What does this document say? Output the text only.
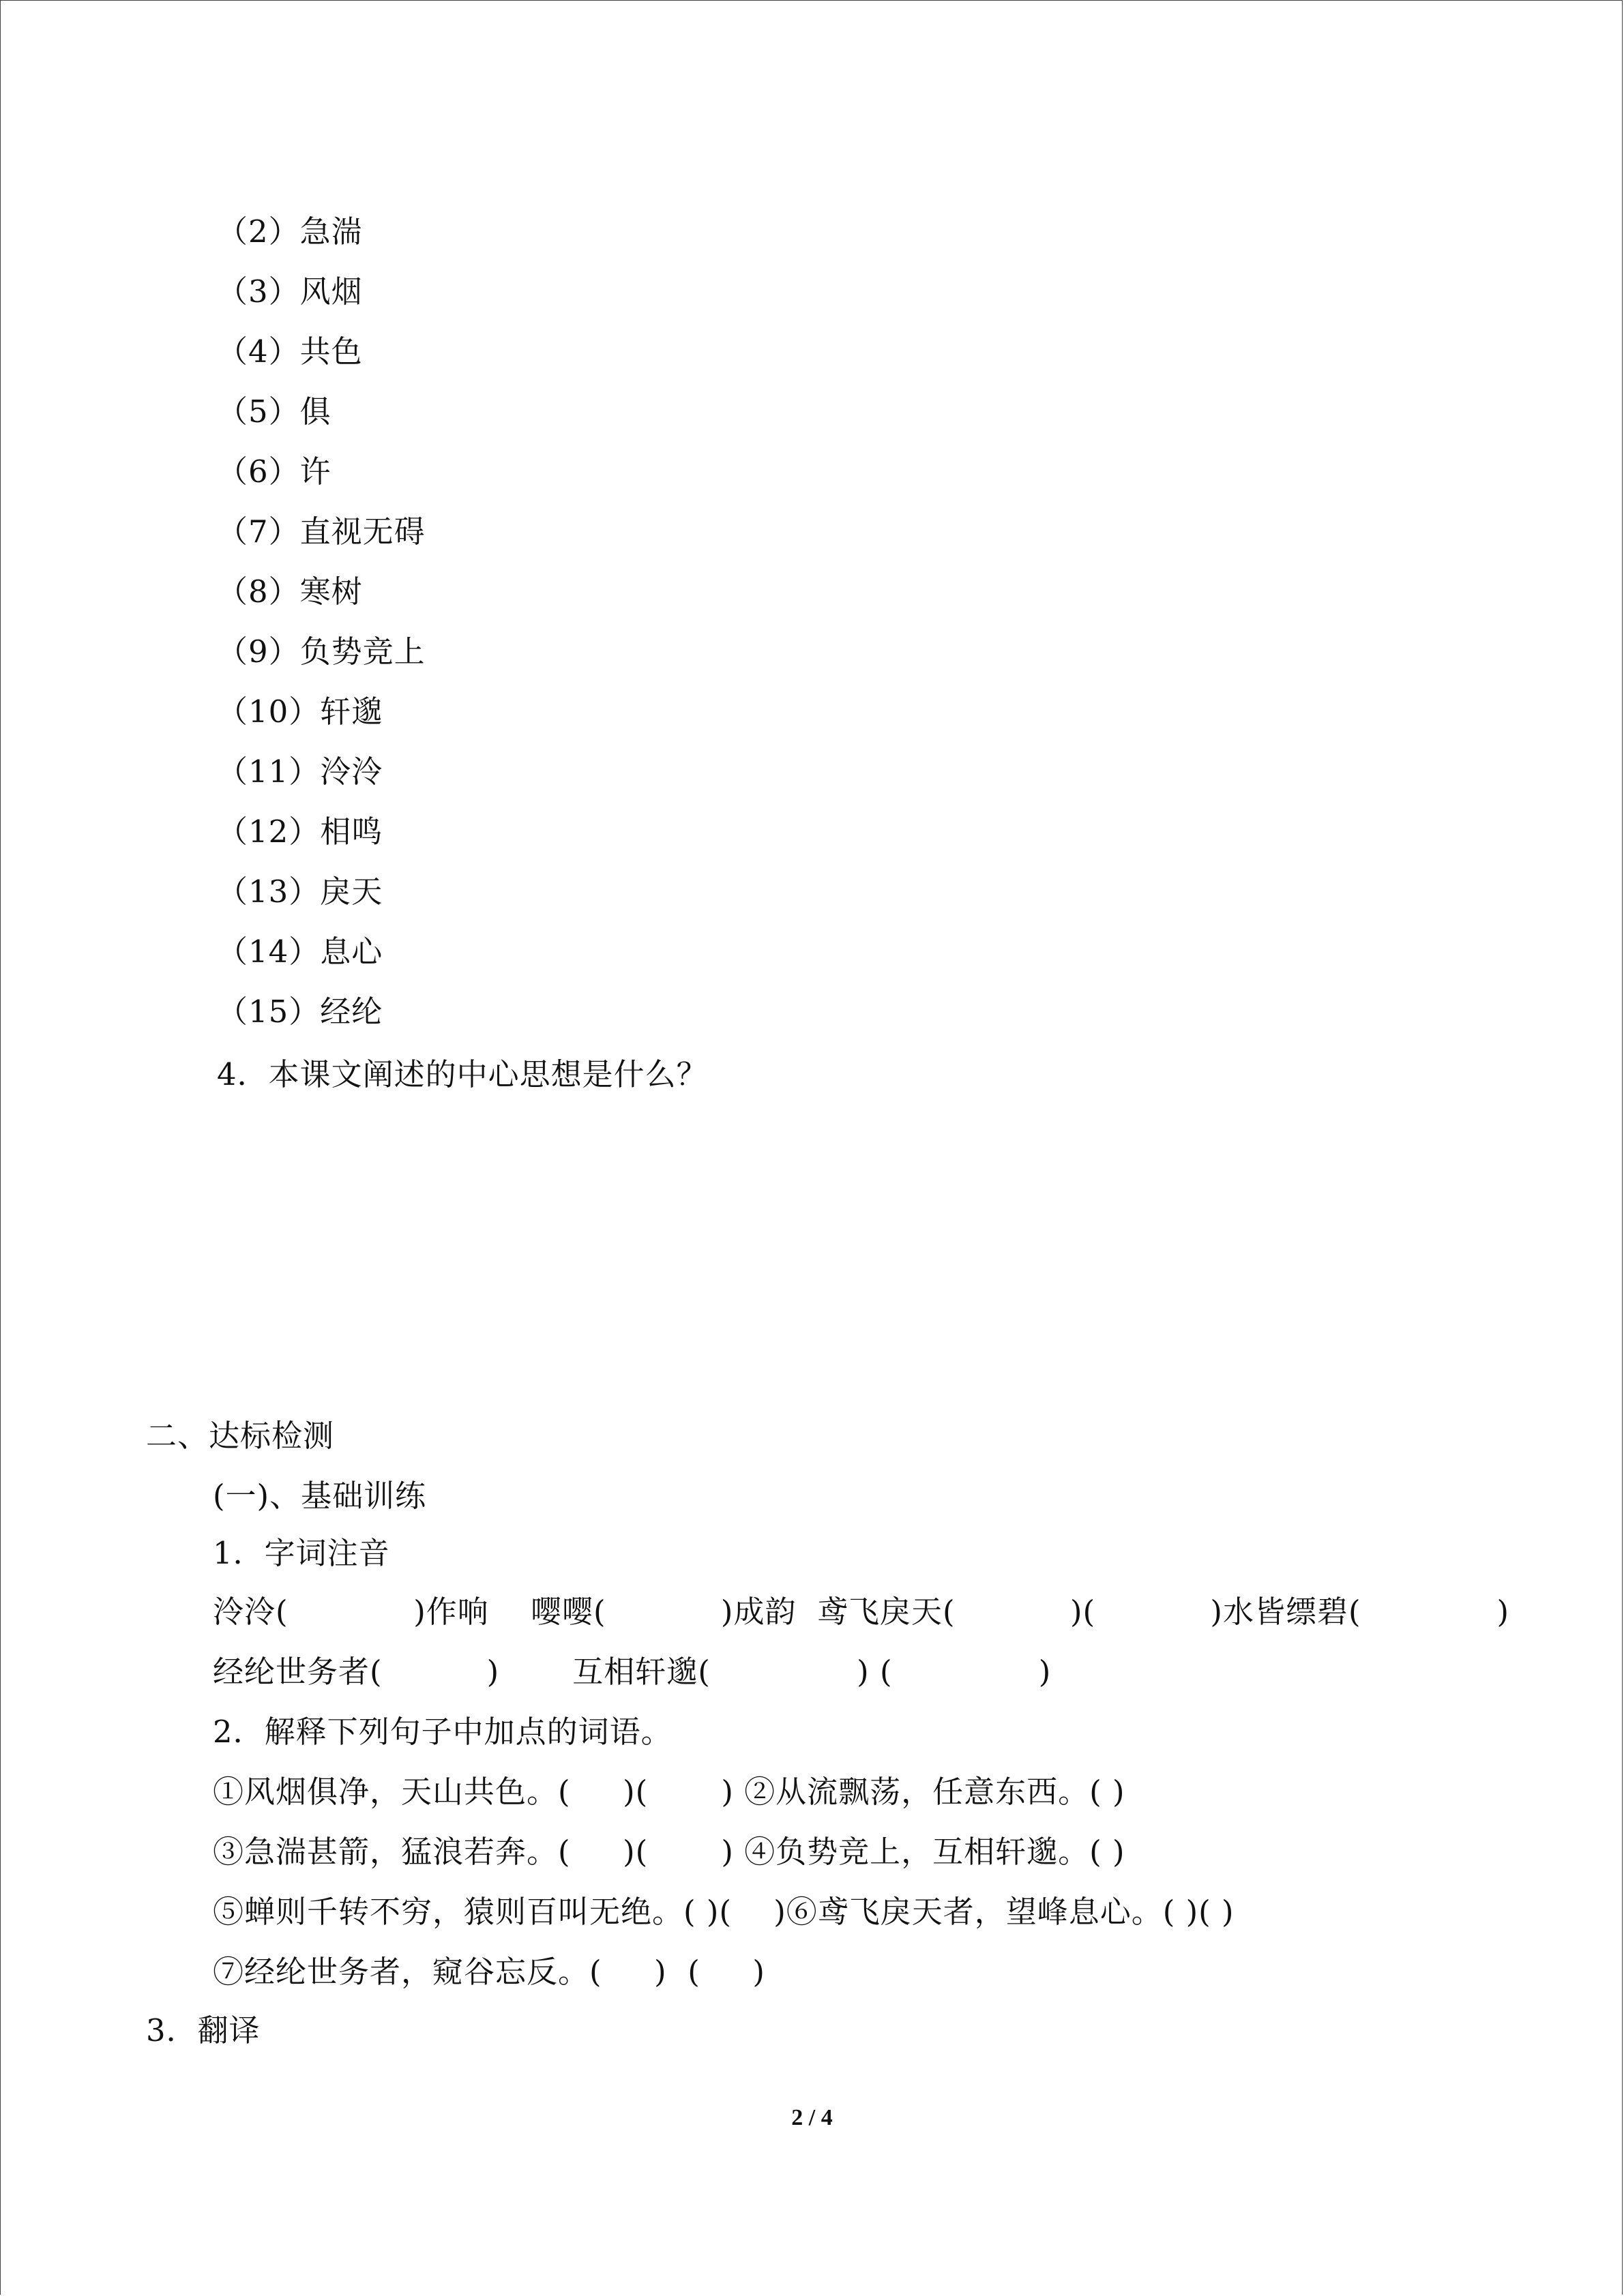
（2）急湍
（3）风烟
（4）共色
（5）俱
（6）许
（7）直视无碍
（8）寒树
（9）负势竞上
（10）轩邈
（11）泠泠
（12）相鸣
（13）戾天
（14）息心
（15）经纶
4．本课文阐述的中心思想是什么？
二、达标检测
(一)、基础训练
1．字词注音
泠泠(            )作响    嘤嘤(           )成韵  鸢飞戾天(           )(           )水皆缥碧(             )
经纶世务者(          )       互相轩邈(              ) (              )
2．解释下列句子中加点的词语。
①风烟俱净，天山共色。(     )(       ) ②从流飘荡，任意东西。( )
③急湍甚箭，猛浪若奔。(     )(       ) ④负势竞上，互相轩邈。( )
⑤蝉则千转不穷，猿则百叫无绝。( )(    )⑥鸢飞戾天者，望峰息心。( )( )
⑦经纶世务者，窥谷忘反。(     )  (     )
3．翻译
2 / 4
